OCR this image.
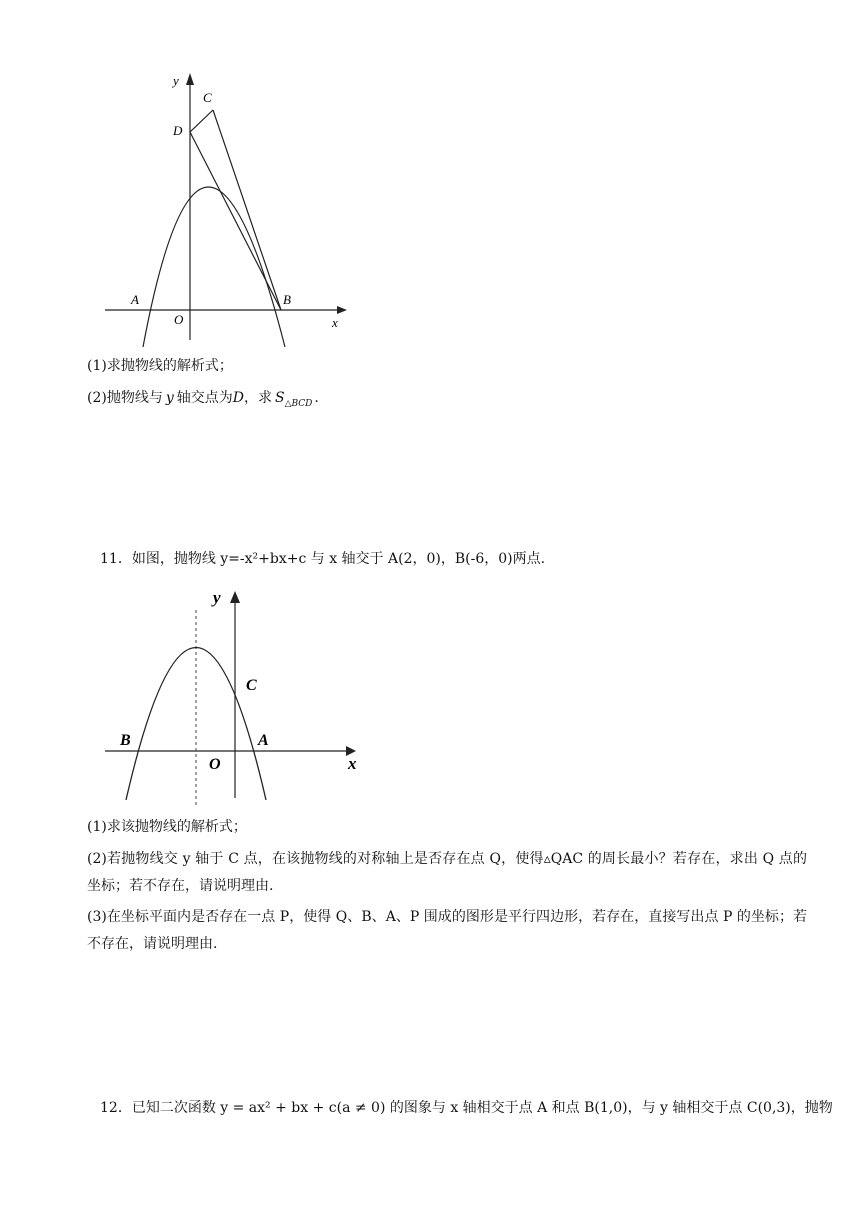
y
C
D
A	B
O	x
(1)求抛物线的解析式；
(2)抛物线与 y 轴交点为D，求 $S_{\triangle BCD}$ .
11．如图，抛物线 y=-x²+bx+c 与 x 轴交于 A(2，0)，B(-6，0)两点.
y
C
B	A
O	x
(1)求该抛物线的解析式；
(2)若抛物线交 y 轴于 C 点，在该抛物线的对称轴上是否存在点 Q，使得▵QAC 的周长最小？若存在，求出 Q 点的坐标；若不存在，请说明理由.
(3)在坐标平面内是否存在一点 P，使得 Q、B、A、P 围成的图形是平行四边形，若存在，直接写出点 P 的坐标；若不存在，请说明理由.
12．已知二次函数 y = ax² + bx + c(a ≠ 0) 的图象与 x 轴相交于点 A 和点 B(1,0)，与 y 轴相交于点 C(0,3)，抛物
